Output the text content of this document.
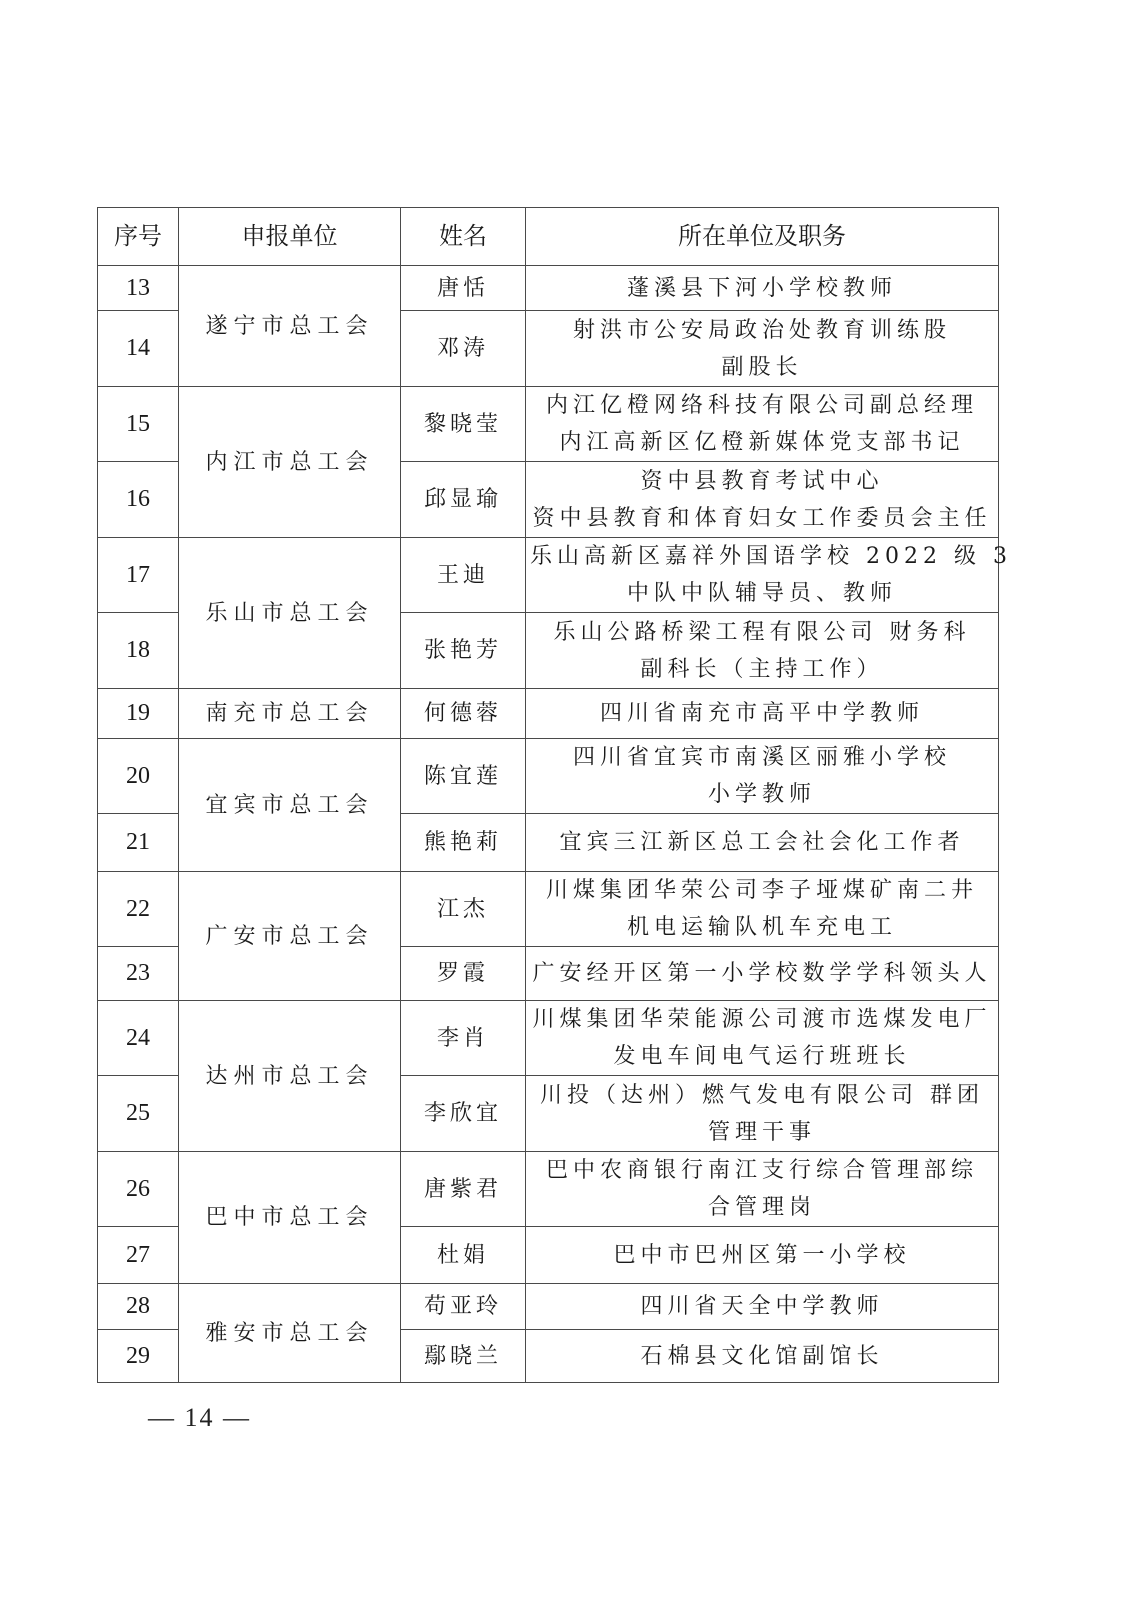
序号	申报单位	姓名	所在单位及职务
13	遂宁市总工会	唐恬	蓬溪县下河小学校教师

14		邓涛	射洪市公安局政治处教育训练股
副股长

15	内江市总工会	黎晓莹	内江亿橙网络科技有限公司副总经理
内江高新区亿橙新媒体党支部书记

16		邱显瑜	资中县教育考试中心
资中县教育和体育妇女工作委员会主任

17	乐山市总工会	王迪	乐山高新区嘉祥外国语学校 2022 级 3
中队中队辅导员、教师

18		张艳芳	乐山公路桥梁工程有限公司 财务科
副科长（主持工作）

19	南充市总工会	何德蓉	四川省南充市高平中学教师

20	宜宾市总工会	陈宜莲	四川省宜宾市南溪区丽雅小学校
小学教师

21		熊艳莉	宜宾三江新区总工会社会化工作者

22	广安市总工会	江杰	川煤集团华荣公司李子垭煤矿南二井
机电运输队机车充电工

23		罗霞	广安经开区第一小学校数学学科领头人

24	达州市总工会	李肖	川煤集团华荣能源公司渡市选煤发电厂
发电车间电气运行班班长

25		李欣宜	川投（达州）燃气发电有限公司 群团
管理干事

26	巴中市总工会	唐紫君	巴中农商银行南江支行综合管理部综
合管理岗

27		杜娟	巴中市巴州区第一小学校

28	雅安市总工会	苟亚玲	四川省天全中学教师

29		鄢晓兰	石棉县文化馆副馆长
— 14 —
